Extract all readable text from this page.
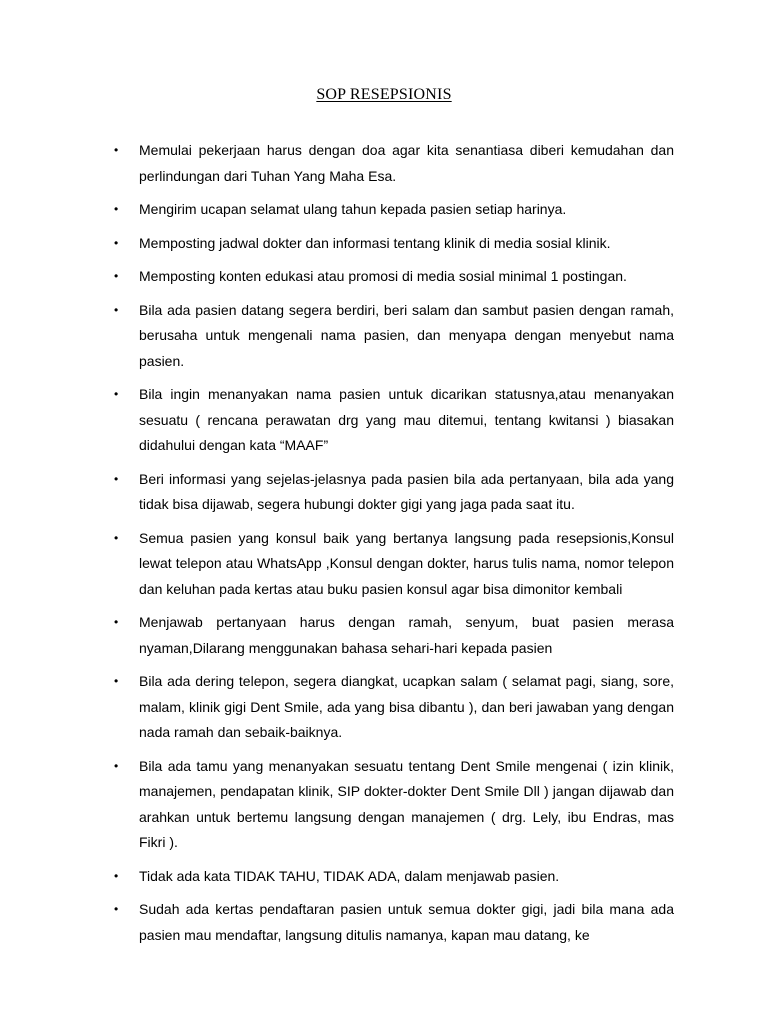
SOP RESEPSIONIS
• Memulai pekerjaan harus dengan doa agar kita senantiasa diberi kemudahan dan perlindungan dari Tuhan Yang Maha Esa.
• Mengirim ucapan selamat ulang tahun kepada pasien setiap harinya.
• Memposting jadwal dokter dan informasi tentang klinik di media sosial klinik.
• Memposting konten edukasi atau promosi di media sosial minimal 1 postingan.
• Bila ada pasien datang segera berdiri, beri salam dan sambut pasien dengan ramah, berusaha untuk mengenali nama pasien, dan menyapa dengan menyebut nama pasien.
• Bila ingin menanyakan nama pasien untuk dicarikan statusnya,atau menanyakan sesuatu ( rencana perawatan drg yang mau ditemui, tentang kwitansi ) biasakan didahului dengan kata “MAAF”
• Beri informasi yang sejelas-jelasnya pada pasien bila ada pertanyaan, bila ada yang tidak bisa dijawab, segera hubungi dokter gigi yang jaga pada saat itu.
• Semua pasien yang konsul baik yang bertanya langsung pada resepsionis,Konsul lewat telepon atau WhatsApp ,Konsul dengan dokter, harus tulis nama, nomor telepon dan keluhan pada kertas atau buku pasien konsul agar bisa dimonitor kembali
• Menjawab pertanyaan harus dengan ramah, senyum, buat pasien merasa nyaman,Dilarang menggunakan bahasa sehari-hari kepada pasien
• Bila ada dering telepon, segera diangkat, ucapkan salam ( selamat pagi, siang, sore, malam, klinik gigi Dent Smile, ada yang bisa dibantu ), dan beri jawaban yang dengan nada ramah dan sebaik-baiknya.
• Bila ada tamu yang menanyakan sesuatu tentang Dent Smile mengenai ( izin klinik, manajemen, pendapatan klinik, SIP dokter-dokter Dent Smile Dll ) jangan dijawab dan arahkan untuk bertemu langsung dengan manajemen ( drg. Lely, ibu Endras, mas Fikri ).
• Tidak ada kata TIDAK TAHU, TIDAK ADA, dalam menjawab pasien.
• Sudah ada kertas pendaftaran pasien untuk semua dokter gigi, jadi bila mana ada pasien mau mendaftar, langsung ditulis namanya, kapan mau datang, ke
